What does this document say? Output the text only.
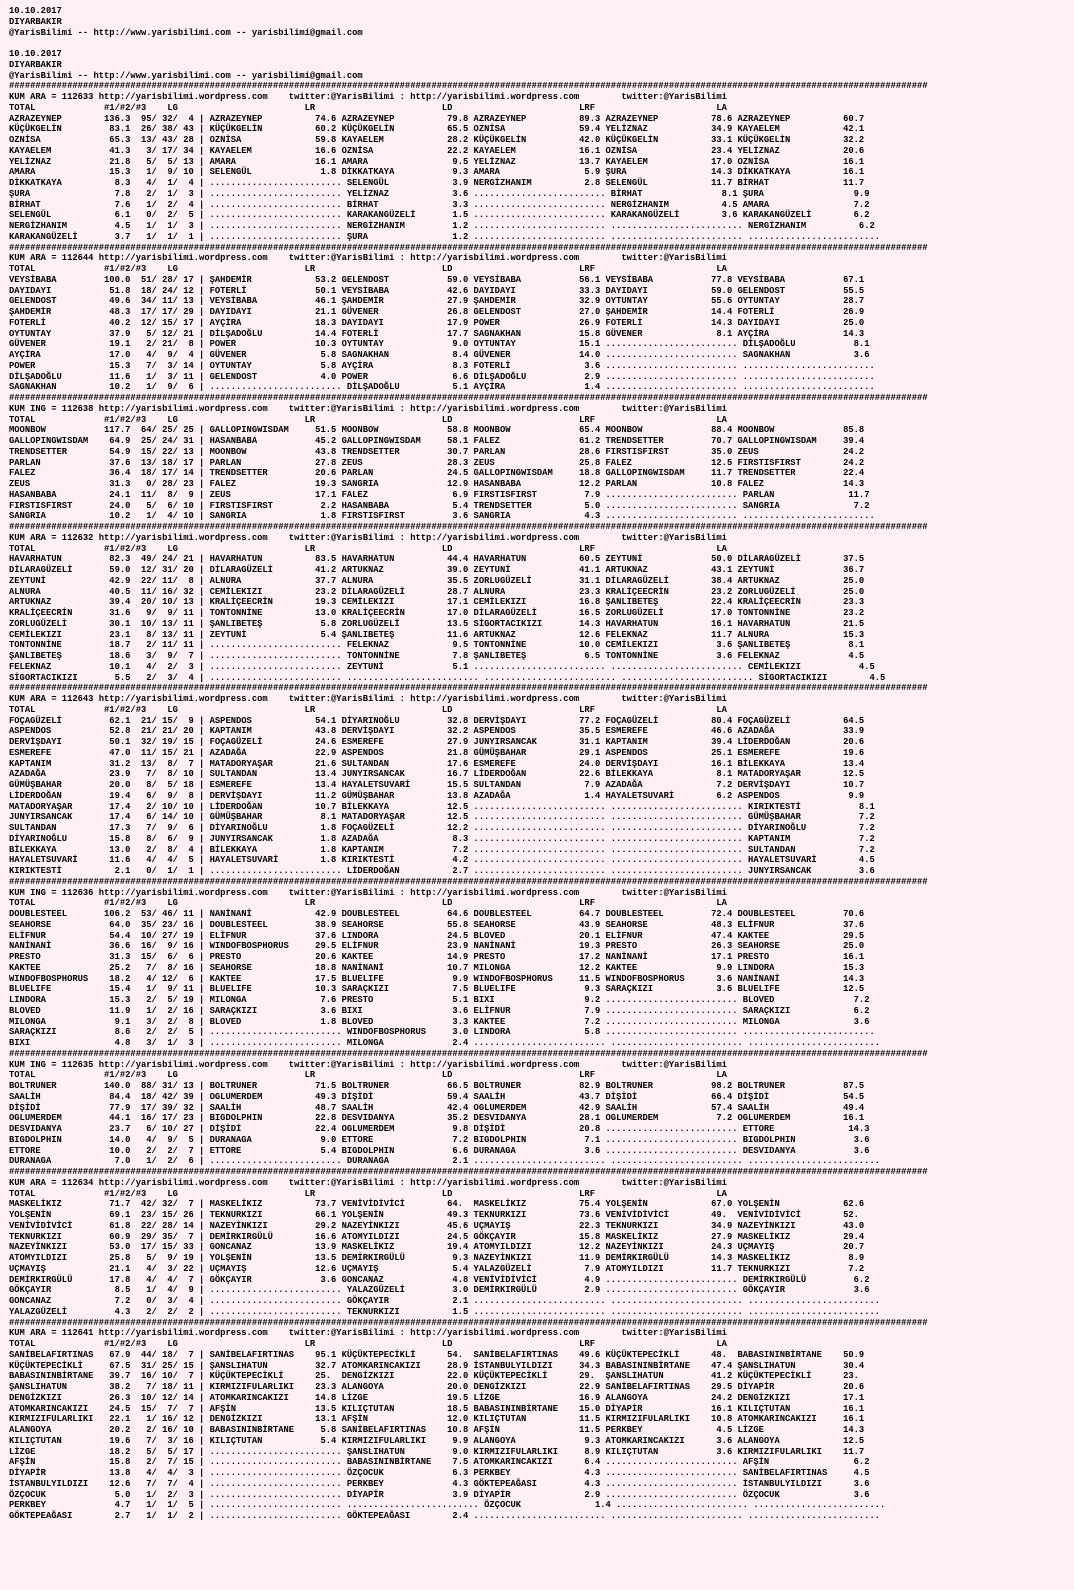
10.10.2017
DIYARBAKIR
@YarisBilimi -- http://www.yarisbilimi.com -- yarisbilimi@gmail.com

10.10.2017
DIYARBAKIR
@YarisBilimi -- http://www.yarisbilimi.com -- yarisbilimi@gmail.com

##############################################################################################################################################################################
KUM ARA = 112633 http://yarisbilimi.wordpress.com    twitter:@YarisBilimi : http://yarisbilimi.wordpress.com        twitter:@YarisBilimi
TOTAL             #1/#2/#3    LG                        LR                        LD                        LRF                       LA
AZRAZEYNEP        136.3  95/ 32/  4 | AZRAZEYNEP          74.6 AZRAZEYNEP          79.8 AZRAZEYNEP          89.3 AZRAZEYNEP          78.6 AZRAZEYNEP          60.7
KÜÇÜKGELİN         83.1  26/ 38/ 43 | KÜÇÜKGELİN          60.2 KÜÇÜKGELİN          65.5 OZNİSA              59.4 YELİZNAZ            34.9 KAYAELEM            42.1
OZNİSA             65.3  13/ 43/ 28 | OZNİSA              59.8 KAYAELEM            28.2 KÜÇÜKGELİN          42.0 KÜÇÜKGELİN          33.1 KÜÇÜKGELİN          32.2
KAYAELEM           41.3   3/ 17/ 34 | KAYAELEM            16.6 OZNİSA              22.2 KAYAELEM            16.1 OZNİSA              23.4 YELİZNAZ            20.6
YELİZNAZ           21.8   5/  5/ 13 | AMARA               16.1 AMARA                9.5 YELİZNAZ            13.7 KAYAELEM            17.0 OZNİSA              16.1
AMARA              15.3   1/  9/ 10 | SELENGÜL             1.8 DİKKATKAYA           9.3 AMARA                5.9 ŞURA                14.3 DİKKATKAYA          16.1
DİKKATKAYA          8.3   4/  1/  4 | ......................... SELENGÜL            3.9 NERGİZHANIM          2.8 SELENGÜL            11.7 BİRHAT              11.7
ŞURA                7.8   2/  1/  3 | ......................... YELİZNAZ            3.6 ......................... BİRHAT               8.1 ŞURA                 9.9
BİRHAT              7.6   1/  2/  4 | ......................... BİRHAT              3.3 ......................... NERGİZHANIM          4.5 AMARA                7.2
SELENGÜL            6.1   0/  2/  5 | ......................... KARAKANGÜZELİ       1.5 ......................... KARAKANGÜZELİ        3.6 KARAKANGÜZELİ        6.2
NERGİZHANIM         4.5   1/  1/  3 | ......................... NERGİZHANIM         1.2 ......................... ......................... NERGİZHANIM          6.2
KARAKANGÜZELİ       3.7   1/  1/  1 | ......................... ŞURA                1.2 ......................... ......................... .........................

##############################################################################################################################################################################
KUM ARA = 112644 http://yarisbilimi.wordpress.com    twitter:@YarisBilimi : http://yarisbilimi.wordpress.com        twitter:@YarisBilimi
TOTAL             #1/#2/#3    LG                        LR                        LD                        LRF                       LA
VEYSİBABA         100.0  51/ 28/ 17 | ŞAHDEMİR            53.2 GELENDOST           59.0 VEYSİBABA           56.1 VEYSİBABA           77.8 VEYSİBABA           67.1
DAYIDAYI           51.8  18/ 24/ 12 | FOTERLİ             50.1 VEYSİBABA           42.6 DAYIDAYI            33.3 DAYIDAYI            59.0 GELENDOST           55.5
GELENDOST          49.6  34/ 11/ 13 | VEYSİBABA           46.1 ŞAHDEMİR            27.9 ŞAHDEMİR            32.9 OYTUNTAY            55.6 OYTUNTAY            28.7
ŞAHDEMİR           48.3  17/ 17/ 29 | DAYIDAYI            21.1 GÜVENER             26.8 GELENDOST           27.0 ŞAHDEMİR            14.4 FOTERLİ             26.9
FOTERLİ            40.2  12/ 15/ 17 | AYÇİRA              18.3 DAYIDAYI            17.9 POWER               26.9 FOTERLİ             14.3 DAYIDAYI            25.0
OYTUNTAY           37.9   5/ 12/ 21 | DİLŞADOĞLU          14.4 FOTERLİ             17.7 SAGNAKHAN           15.8 GÜVENER              8.1 AYÇİRA              14.3
GÜVENER            19.1   2/ 21/  8 | POWER               10.3 OYTUNTAY             9.0 OYTUNTAY            15.1 ......................... DİLŞADOĞLU           8.1
AYÇİRA             17.0   4/  9/  4 | GÜVENER              5.8 SAGNAKHAN            8.4 GÜVENER             14.0 ......................... SAGNAKHAN            3.6
POWER              15.3   7/  3/ 14 | OYTUNTAY             5.8 AYÇİRA               8.3 FOTERLİ              3.6 ......................... .........................
DİLŞADOĞLU         11.6   1/  3/ 11 | GELENDOST            4.0 POWER                6.6 DİLŞADOĞLU           2.9 ......................... .........................
SAGNAKHAN          10.2   1/  9/  6 | ......................... DİLŞADOĞLU          5.1 AYÇİRA               1.4 ......................... .........................

##############################################################################################################################################################################
KUM ING = 112638 http://yarisbilimi.wordpress.com    twitter:@YarisBilimi : http://yarisbilimi.wordpress.com        twitter:@YarisBilimi
TOTAL             #1/#2/#3    LG                        LR                        LD                        LRF                       LA
MOONBOW           117.7  64/ 25/ 25 | GALLOPINGWISDAM     51.5 MOONBOW             58.8 MOONBOW             65.4 MOONBOW             88.4 MOONBOW             85.8
GALLOPINGWISDAM    64.9  25/ 24/ 31 | HASANBABA           45.2 GALLOPINGWISDAM     58.1 FALEZ               61.2 TRENDSETTER         70.7 GALLOPINGWISDAM     39.4
TRENDSETTER        54.9  15/ 22/ 13 | MOONBOW             43.8 TRENDSETTER         30.7 PARLAN              28.6 FIRSTISFIRST        35.0 ZEUS                24.2
PARLAN             37.6  13/ 18/ 17 | PARLAN              27.8 ZEUS                28.3 ZEUS                25.8 FALEZ               12.5 FIRSTISFIRST        24.2
FALEZ              36.4  18/ 17/ 14 | TRENDSETTER         20.6 PARLAN              24.5 GALLOPINGWISDAM     18.8 GALLOPINGWISDAM     11.7 TRENDSETTER         22.4
ZEUS               31.3   0/ 28/ 23 | FALEZ               19.3 SANGRIA             12.9 HASANBABA           12.2 PARLAN              10.8 FALEZ               14.3
HASANBABA          24.1  11/  8/  9 | ZEUS                17.1 FALEZ                6.9 FIRSTISFIRST         7.9 ......................... PARLAN              11.7
FIRSTISFIRST       24.0   5/  6/ 10 | FIRSTISFIRST         2.2 HASANBABA            5.4 TRENDSETTER          5.0 ......................... SANGRIA              7.2
SANGRIA            10.2   1/  4/ 10 | SANGRIA              1.8 FIRSTISFIRST         3.6 SANGRIA              4.3 ......................... .........................

##############################################################################################################################################################################
KUM ARA = 112632 http://yarisbilimi.wordpress.com    twitter:@YarisBilimi : http://yarisbilimi.wordpress.com        twitter:@YarisBilimi
TOTAL             #1/#2/#3    LG                        LR                        LD                        LRF                       LA
HAVARHATUN         82.3  49/ 24/ 21 | HAVARHATUN          83.5 HAVARHATUN          44.4 HAVARHATUN          60.5 ZEYTUNİ             50.0 DİLARAGÜZELİ        37.5
DİLARAGÜZELİ       59.0  12/ 31/ 20 | DİLARAGÜZELİ        41.2 ARTUKNAZ            39.0 ZEYTUNİ             41.1 ARTUKNAZ            43.1 ZEYTUNİ             36.7
ZEYTUNİ            42.9  22/ 11/  8 | ALNURA              37.7 ALNURA              35.5 ZORLUGÜZELİ         31.1 DİLARAGÜZELİ        38.4 ARTUKNAZ            25.0
ALNURA             40.5  11/ 16/ 32 | CEMİLEKIZI          23.2 DİLARAGÜZELİ        28.7 ALNURA              23.3 KRALİÇEECRİN        23.2 ZORLUGÜZELİ         25.0
ARTUKNAZ           39.4  20/ 10/ 13 | KRALİÇEECRİN        19.3 CEMİLEKIZI          17.1 CEMİLEKIZI          16.8 ŞANLIBETEŞ          22.4 KRALİÇEECRİN        23.3
KRALİÇEECRİN       31.6   9/  9/ 11 | TONTONNİNE          13.0 KRALİÇEECRİN        17.0 DİLARAGÜZELİ        16.5 ZORLUGÜZELİ         17.0 TONTONNİNE          23.2
ZORLUGÜZELİ        30.1  10/ 13/ 11 | ŞANLIBETEŞ           5.8 ZORLUGÜZELİ         13.5 SİGORTACIKIZI       14.3 HAVARHATUN          16.1 HAVARHATUN          21.5
CEMİLEKIZI         23.1   8/ 13/ 11 | ZEYTUNİ              5.4 ŞANLIBETEŞ          11.6 ARTUKNAZ            12.6 FELEKNAZ            11.7 ALNURA              15.3
TONTONNİNE         18.7   2/ 11/ 11 | ......................... FELEKNAZ            9.5 TONTONNİNE          10.0 CEMİLEKIZI           3.6 ŞANLIBETEŞ           8.1
ŞANLIBETEŞ         18.6   3/  9/  7 | ......................... TONTONNİNE          7.8 ŞANLIBETEŞ           6.5 TONTONNİNE           3.6 FELEKNAZ             4.5
FELEKNAZ           10.1   4/  2/  3 | ......................... ZEYTUNİ             5.1 ......................... ......................... CEMİLEKIZI           4.5
SİGORTACIKIZI       5.5   2/  3/  4 | ......................... ......................... ......................... ......................... SİGORTACIKIZI        4.5

##############################################################################################################################################################################
KUM ARA = 112643 http://yarisbilimi.wordpress.com    twitter:@YarisBilimi : http://yarisbilimi.wordpress.com        twitter:@YarisBilimi
TOTAL             #1/#2/#3    LG                        LR                        LD                        LRF                       LA
FOÇAGÜZELİ         62.1  21/ 15/  9 | ASPENDOS            54.1 DİYARINOĞLU         32.8 DERVİŞDAYI          77.2 FOÇAGÜZELİ          80.4 FOÇAGÜZELİ          64.5
ASPENDOS           52.8  21/ 21/ 20 | KAPTANIM            43.8 DERVİŞDAYI          32.2 ASPENDOS            35.5 ESMEREFE            46.6 AZADAĞA             33.9
DERVİŞDAYI         50.1  32/ 19/ 15 | FOÇAGÜZELİ          24.6 ESMEREFE            27.9 JUNYIRSANCAK        31.1 KAPTANIM            39.4 LİDERDOĞAN          20.6
ESMEREFE           47.0  11/ 15/ 21 | AZADAĞA             22.9 ASPENDOS            21.8 GÜMÜŞBAHAR          29.1 ASPENDOS            25.1 ESMEREFE            19.6
KAPTANIM           31.2  13/  8/  7 | MATADORYAŞAR        21.6 SULTANDAN           17.6 ESMEREFE            24.0 DERVİŞDAYI          16.1 BİLEKKAYA           13.4
AZADAĞA            23.9   7/  8/ 10 | SULTANDAN           13.4 JUNYIRSANCAK        16.7 LİDERDOĞAN          22.6 BİLEKKAYA            8.1 MATADORYAŞAR        12.5
GÜMÜŞBAHAR         20.0   8/  5/ 18 | ESMEREFE            13.4 HAYALETSUVARİ       15.5 SULTANDAN            7.9 AZADAĞA              7.2 DERVİŞDAYI          10.7
LİDERDOĞAN         19.4   6/  9/  8 | DERVİŞDAYI          11.2 GÜMÜŞBAHAR          13.8 AZADAĞA              1.4 HAYALETSUVARİ        6.2 ASPENDOS             9.9
MATADORYAŞAR       17.4   2/ 10/ 10 | LİDERDOĞAN          10.7 BİLEKKAYA           12.5 ......................... ......................... KIRIKTESTİ           8.1
JUNYIRSANCAK       17.4   6/ 14/ 10 | GÜMÜŞBAHAR           8.1 MATADORYAŞAR        12.5 ......................... ......................... GÜMÜŞBAHAR           7.2
SULTANDAN          17.3   7/  9/  6 | DİYARINOĞLU          1.8 FOÇAGÜZELİ          12.2 ......................... ......................... DİYARINOĞLU          7.2
DİYARINOĞLU        15.8   8/  6/  9 | JUNYIRSANCAK         1.8 AZADAĞA              8.3 ......................... ......................... KAPTANIM             7.2
BİLEKKAYA          13.0   2/  8/  4 | BİLEKKAYA            1.8 KAPTANIM             7.2 ......................... ......................... SULTANDAN            7.2
HAYALETSUVARİ      11.6   4/  4/  5 | HAYALETSUVARİ        1.8 KIRIKTESTİ           4.2 ......................... ......................... HAYALETSUVARİ        4.5
KIRIKTESTİ          2.1   0/  1/  1 | ......................... LİDERDOĞAN          2.7 ......................... ......................... JUNYIRSANCAK         3.6

##############################################################################################################################################################################
KUM ING = 112636 http://yarisbilimi.wordpress.com    twitter:@YarisBilimi : http://yarisbilimi.wordpress.com        twitter:@YarisBilimi
TOTAL             #1/#2/#3    LG                        LR                        LD                        LRF                       LA
DOUBLESTEEL       106.2  53/ 46/ 11 | NANİNANİ            42.9 DOUBLESTEEL         64.6 DOUBLESTEEL         64.7 DOUBLESTEEL         72.4 DOUBLESTEEL         70.6
SEAHORSE           64.0  35/ 23/ 16 | DOUBLESTEEL         38.9 SEAHORSE            55.8 SEAHORSE            43.9 SEAHORSE            48.3 ELİFNUR             37.6
ELİFNUR            54.4  10/ 27/ 19 | ELİFNUR             37.6 LINDORA             24.5 BLOVED              20.1 ELİFNUR             47.4 KAKTEE              29.5
NANİNANİ           36.6  16/  9/ 16 | WINDOFBOSPHORUS     29.5 ELİFNUR             23.9 NANİNANİ            19.3 PRESTO              26.3 SEAHORSE            25.0
PRESTO             31.3  15/  6/  6 | PRESTO              20.6 KAKTEE              14.9 PRESTO              17.2 NANİNANİ            17.1 PRESTO              16.1
KAKTEE             25.2   7/  8/ 16 | SEAHORSE            18.8 NANİNANİ            10.7 MILONGA             12.2 KAKTEE               9.9 LINDORA             15.3
WINDOFBOSPHORUS    18.2   4/ 12/  6 | KAKTEE              17.5 BLUELIFE             9.9 WINDOFBOSPHORUS     11.5 WINDOFBOSPHORUS      3.6 NANİNANİ            14.3
BLUELIFE           15.4   1/  9/ 11 | BLUELIFE            10.3 SARAÇKIZI            7.5 BLUELIFE             9.3 SARAÇKIZI            3.6 BLUELIFE            12.5
LINDORA            15.3   2/  5/ 19 | MILONGA              7.6 PRESTO               5.1 BIXI                 9.2 ......................... BLOVED               7.2
BLOVED             11.9   1/  2/ 16 | SARAÇKIZI            3.6 BIXI                 3.6 ELİFNUR              7.9 ......................... SARAÇKIZI            6.2
MILONGA             9.1   3/  2/  8 | BLOVED               1.8 BLOVED               3.3 KAKTEE               7.2 ......................... MILONGA              3.6
SARAÇKIZI           8.6   2/  2/  5 | ......................... WINDOFBOSPHORUS     3.0 LINDORA              5.8 ......................... .........................
BIXI                4.8   3/  1/  3 | ......................... MILONGA             2.4 ......................... ......................... .........................

##############################################################################################################################################################################
KUM ING = 112635 http://yarisbilimi.wordpress.com    twitter:@YarisBilimi : http://yarisbilimi.wordpress.com        twitter:@YarisBilimi
TOTAL             #1/#2/#3    LG                        LR                        LD                        LRF                       LA
BOLTRUNER         140.0  88/ 31/ 13 | BOLTRUNER           71.5 BOLTRUNER           66.5 BOLTRUNER           82.9 BOLTRUNER           98.2 BOLTRUNER           87.5
SAALİH             84.4  18/ 42/ 39 | OGLUMERDEM          49.3 DİŞİDİ              59.4 SAALİH              43.7 DİŞİDİ              66.4 DİŞİDİ              54.5
DİŞİDİ             77.9  17/ 39/ 32 | SAALİH              48.7 SAALİH              42.4 OGLUMERDEM          42.9 SAALİH              57.4 SAALİH              49.4
OGLUMERDEM         44.1  16/ 17/ 23 | BIGDOLPHIN          22.8 DESVIDANYA          35.2 DESVIDANYA          28.1 OGLUMERDEM           7.2 OGLUMERDEM          16.1
DESVIDANYA         23.7   6/ 10/ 27 | DİŞİDİ              22.4 OGLUMERDEM           9.8 DİŞİDİ              20.8 ......................... ETTORE              14.3
BIGDOLPHIN         14.0   4/  9/  5 | DURANAGA             9.0 ETTORE               7.2 BIGDOLPHIN           7.1 ......................... BIGDOLPHIN           3.6
ETTORE             10.0   2/  2/  7 | ETTORE               5.4 BIGDOLPHIN           6.6 DURANAGA             3.6 ......................... DESVIDANYA           3.6
DURANAGA            7.0   1/  2/  6 | ......................... DURANAGA            2.1 ......................... ......................... .........................

##############################################################################################################################################################################
KUM ARA = 112634 http://yarisbilimi.wordpress.com    twitter:@YarisBilimi : http://yarisbilimi.wordpress.com        twitter:@YarisBilimi
TOTAL             #1/#2/#3    LG                        LR                        LD                        LRF                       LA
MASKELİKIZ         71.7  42/ 32/  7 | MASKELİKIZ          73.7 VENİVİDİVİCİ        64.  MASKELİKIZ          75.4 YOLŞENİN            67.0 YOLŞENİN            62.6
YOLŞENİN           69.1  23/ 15/ 26 | TEKNURKIZI          66.1 YOLŞENİN            49.3 TEKNURKIZI          73.6 VENİVİDİVİCİ        49.  VENİVİDİVİCİ        52.
VENİVİDİVİCİ       61.8  22/ 28/ 14 | NAZEYİNKIZI         29.2 NAZEYİNKIZI         45.6 UÇMAYIŞ             22.3 TEKNURKIZI          34.9 NAZEYİNKIZI         43.0
TEKNURKIZI         60.9  29/ 35/  7 | DEMİRKIRGÜLÜ        16.6 ATOMYILDIZI         24.5 GÖKÇAYIR            15.8 MASKELİKIZ          27.9 MASKELİKIZ          29.4
NAZEYİNKIZI        53.0  17/ 15/ 33 | GONCANAZ            13.9 MASKELİKIZ          19.4 ATOMYILDIZI         12.2 NAZEYİNKIZI         24.3 UÇMAYIŞ             20.7
ATOMYILDIZI        25.8   5/  9/ 19 | YOLŞENİN            13.5 DEMİRKIRGÜLÜ         9.3 NAZEYİNKIZI         11.9 DEMİRKIRGÜLÜ        14.3 MASKELİKIZ           8.9
UÇMAYIŞ            21.1   4/  3/ 22 | UÇMAYIŞ             12.6 UÇMAYIŞ              5.4 YALAZGÜZELİ          7.9 ATOMYILDIZI         11.7 TEKNURKIZI           7.2
DEMİRKIRGÜLÜ       17.8   4/  4/  7 | GÖKÇAYIR             3.6 GONCANAZ             4.8 VENİVİDİVİCİ         4.9 ......................... DEMİRKIRGÜLÜ         6.2
GÖKÇAYIR            8.5   1/  4/  9 | ......................... YALAZGÜZELİ         3.0 DEMİRKIRGÜLÜ         2.9 ......................... GÖKÇAYIR             3.6
GONCANAZ            7.2   0/  3/  4 | ......................... GÖKÇAYIR            2.1 ......................... ......................... .........................
YALAZGÜZELİ         4.3   2/  2/  2 | ......................... TEKNURKIZI          1.5 ......................... ......................... .........................

##############################################################################################################################################################################
KUM ARA = 112641 http://yarisbilimi.wordpress.com    twitter:@YarisBilimi : http://yarisbilimi.wordpress.com        twitter:@YarisBilimi
TOTAL             #1/#2/#3    LG                        LR                        LD                        LRF                       LA
SANİBELAFIRTINAS   67.9  44/ 18/  7 | SANİBELAFIRTINAS    95.1 KÜÇÜKTEPECİKLİ      54.  SANİBELAFIRTINAS    49.6 KÜÇÜKTEPECİKLİ      48.  BABASININBİRTANE    50.9
KÜÇÜKTEPECİKLİ     67.5  31/ 25/ 15 | ŞANSLIHATUN         32.7 ATOMKARINCAKIZI     28.9 İSTANBULYILDIZI     34.3 BABASININBİRTANE    47.4 ŞANSLIHATUN         30.4
BABASININBİRTANE   39.7  16/ 10/  7 | KÜÇÜKTEPECİKLİ      25.  DENGİZKIZI          22.0 KÜÇÜKTEPECİKLİ      29.  ŞANSLIHATUN         41.2 KÜÇÜKTEPECİKLİ      23.
ŞANSLIHATUN        38.2   7/ 18/ 11 | KIRMIZIFULARLIKI    23.3 ALANGOYA            20.0 DENGİZKIZI          22.9 SANİBELAFIRTINAS    29.5 DİYAPİR             20.6
DENGİZKIZI         26.3  10/ 12/ 14 | ATOMKARINCAKIZI     14.8 LİZGE               19.5 LİZGE               16.9 ALANGOYA            24.2 DENGİZKIZI          17.1
ATOMKARINCAKIZI    24.5  15/  7/  7 | AFŞİN               13.5 KILIÇTUTAN          18.5 BABASININBİRTANE    15.0 DİYAPİR             16.1 KILIÇTUTAN          16.1
KIRMIZIFULARLIKI   22.1   1/ 16/ 12 | DENGİZKIZI          13.1 AFŞİN               12.0 KILIÇTUTAN          11.5 KIRMIZIFULARLIKI    10.8 ATOMKARINCAKIZI     16.1
ALANGOYA           20.2   2/ 16/ 10 | BABASININBİRTANE     5.8 SANİBELAFIRTINAS    10.8 AFŞİN               11.5 PERKBEY              4.5 LİZGE               14.3
KILIÇTUTAN         19.6   7/  3/ 16 | KILIÇTUTAN           5.4 KIRMIZIFULARLIKI     9.9 ALANGOYA             9.3 ATOMKARINCAKIZI      3.6 ALANGOYA            12.5
LİZGE              18.2   5/  5/ 17 | ......................... ŞANSLIHATUN         9.0 KIRMIZIFULARLIKI     8.9 KILIÇTUTAN           3.6 KIRMIZIFULARLIKI    11.7
AFŞİN              15.8   2/  7/ 15 | ......................... BABASININBİRTANE    7.5 ATOMKARINCAKIZI      6.4 ......................... AFŞİN                6.2
DİYAPİR            13.8   4/  4/  3 | ......................... ÖZÇOCUK             6.3 PERKBEY              4.3 ......................... SANİBELAFIRTINAS     4.5
İSTANBULYILDIZI    12.6   7/  7/  4 | ......................... PERKBEY             4.3 GÖKTEPEAĞASI         4.3 ......................... İSTANBULYILDIZI      3.6
ÖZÇOCUK             5.0   1/  2/  3 | ......................... DİYAPİR             3.9 DİYAPİR              2.9 ......................... ÖZÇOCUK              3.6
PERKBEY             4.7   1/  1/  5 | ......................... ......................... ÖZÇOCUK              1.4 ......................... .........................
GÖKTEPEAĞASI        2.7   1/  1/  2 | ......................... GÖKTEPEAĞASI        2.4 ......................... ......................... .........................
